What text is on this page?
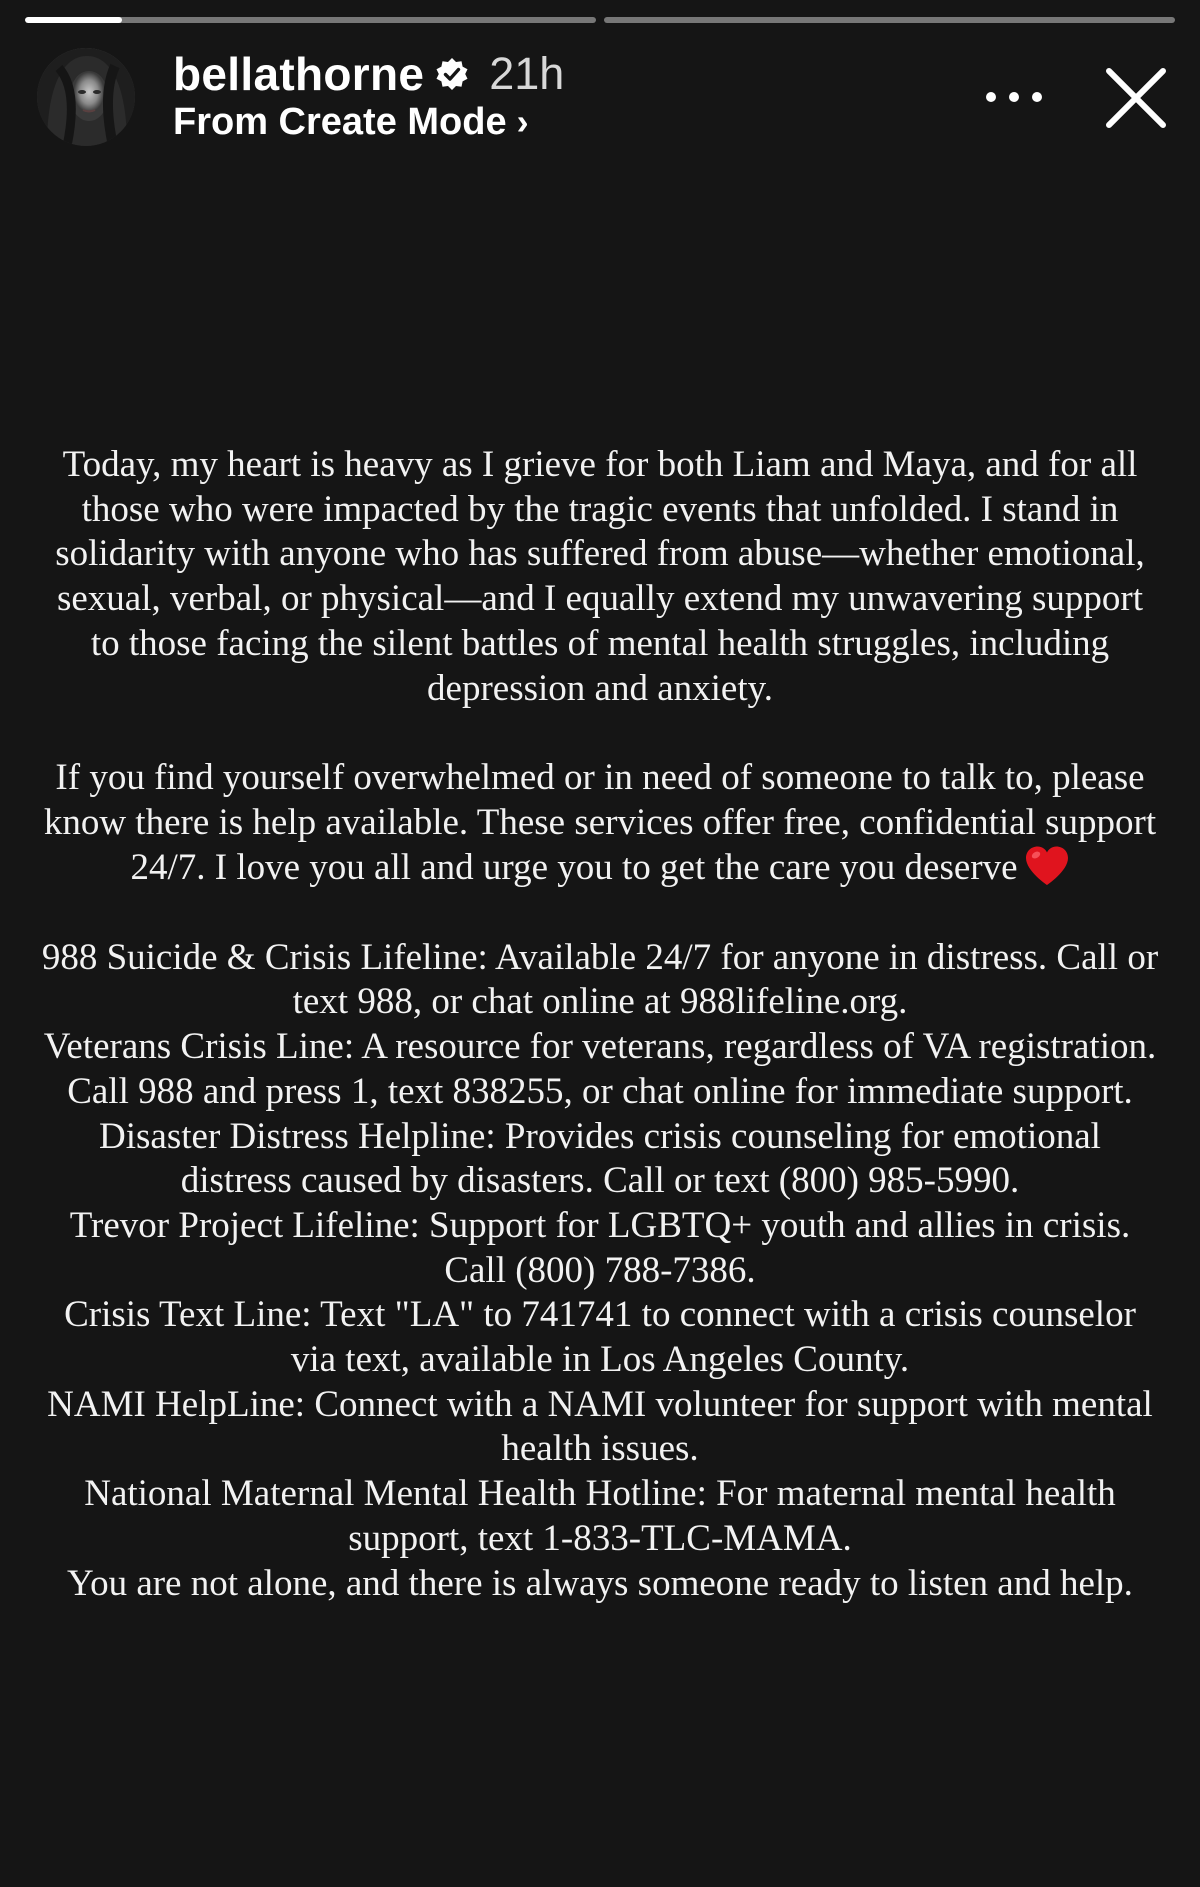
bellathorne 21h
From Create Mode ›

Today, my heart is heavy as I grieve for both Liam and Maya, and for all those who were impacted by the tragic events that unfolded. I stand in solidarity with anyone who has suffered from abuse—whether emotional, sexual, verbal, or physical—and I equally extend my unwavering support to those facing the silent battles of mental health struggles, including depression and anxiety.

If you find yourself overwhelmed or in need of someone to talk to, please know there is help available. These services offer free, confidential support 24/7. I love you all and urge you to get the care you deserve

988 Suicide & Crisis Lifeline: Available 24/7 for anyone in distress. Call or text 988, or chat online at 988lifeline.org.

Veterans Crisis Line: A resource for veterans, regardless of VA registration. Call 988 and press 1, text 838255, or chat online for immediate support.

Disaster Distress Helpline: Provides crisis counseling for emotional distress caused by disasters. Call or text (800) 985-5990.

Trevor Project Lifeline: Support for LGBTQ+ youth and allies in crisis. Call (800) 788-7386.

Crisis Text Line: Text "LA" to 741741 to connect with a crisis counselor via text, available in Los Angeles County.

NAMI HelpLine: Connect with a NAMI volunteer for support with mental health issues.

National Maternal Mental Health Hotline: For maternal mental health support, text 1-833-TLC-MAMA.

You are not alone, and there is always someone ready to listen and help.
